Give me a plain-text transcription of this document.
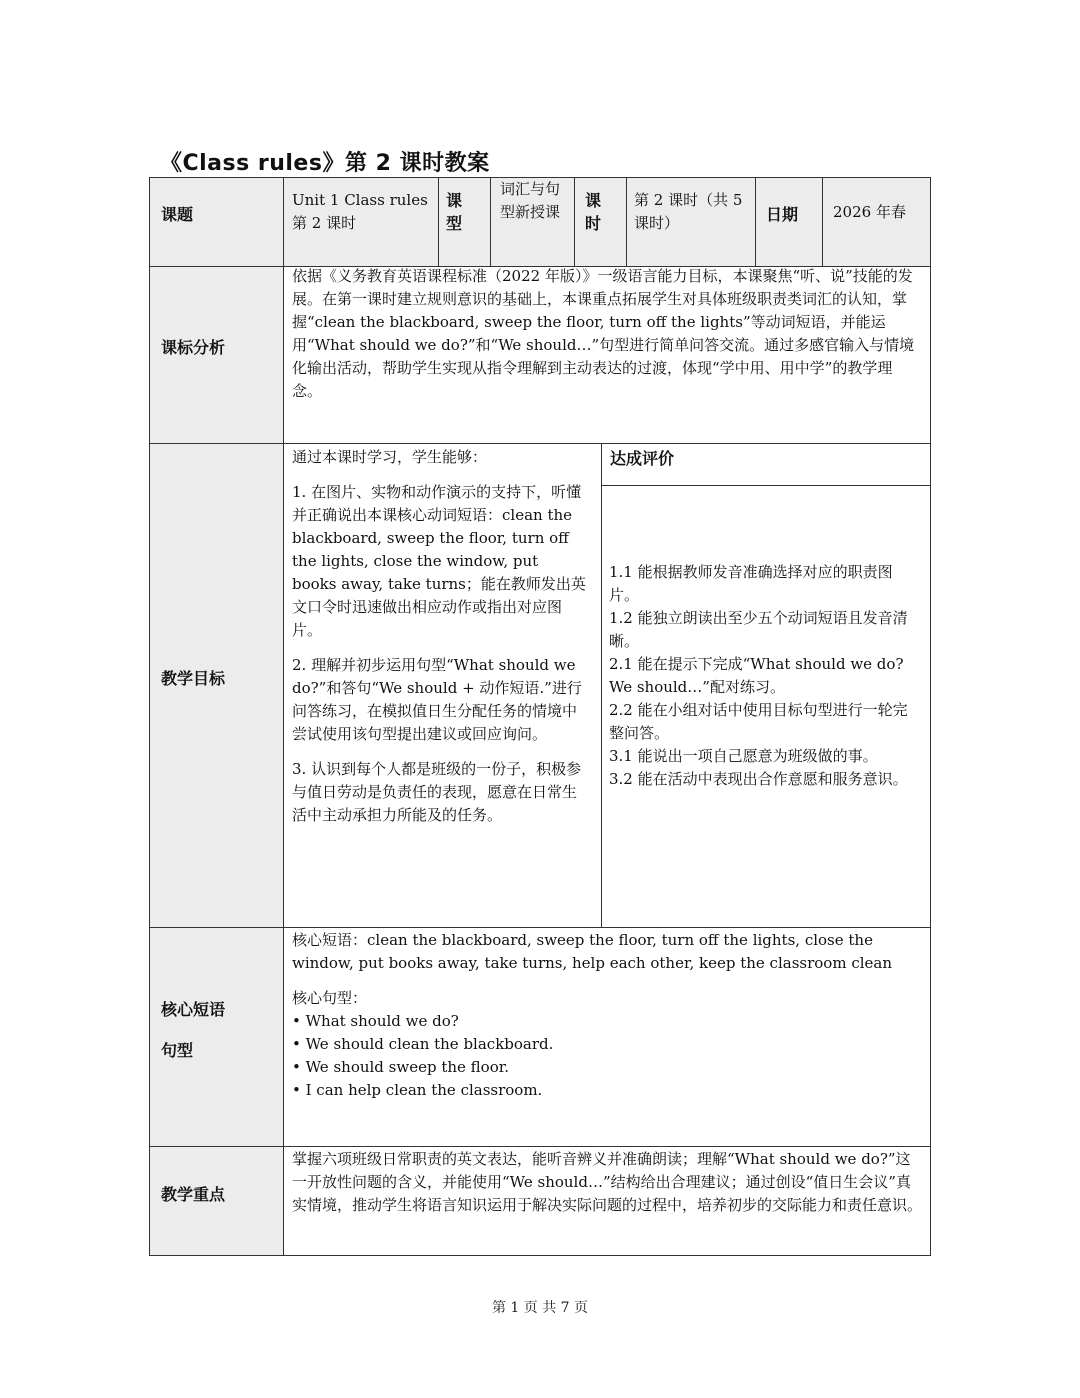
《Class rules》第 2 课时教案
课题
Unit 1 Class rules 第 2 课时
课型
词汇与句型新授课
课时
第 2 课时（共 5 课时）	日期 2026 年春
课标分析
依据《义务教育英语课程标准（2022 年版）》一级语言能力目标，本课聚焦“听、说”技能的发展。在第一课时建立规则意识的基础上，本课重点拓展学生对具体班级职责类词汇的认知，掌握“clean the blackboard, sweep the floor, turn off the lights”等动词短语，并能运用“What should we do?”和“We should…”句型进行简单问答交流。通过多感官输入与情境化输出活动，帮助学生实现从指令理解到主动表达的过渡，体现“学中用、用中学”的教学理念。
教学目标

通过本课时学习，学生能够：

1. 在图片、实物和动作演示的支持下，听懂并正确说出本课核心动词短语：clean the blackboard, sweep the floor, turn off the lights, close the window, put books away, take turns；能在教师发出英文口令时迅速做出相应动作或指出对应图片。

2. 理解并初步运用句型“What should we do?”和答句“We should + 动作短语.”进行问答练习，在模拟值日生分配任务的情境中尝试使用该句型提出建议或回应询问。

3. 认识到每个人都是班级的一份子，积极参与值日劳动是负责任的表现，愿意在日常生活中主动承担力所能及的任务。

达成评价

1.1 能根据教师发音准确选择对应的职责图片。

1.2 能独立朗读出至少五个动词短语且发音清晰。

2.1 能在提示下完成“What should we do? We should…”配对练习。

2.2 能在小组对话中使用目标句型进行一轮完整问答。

3.1 能说出一项自己愿意为班级做的事。

3.2 能在活动中表现出合作意愿和服务意识。

核心短语
句型

核心短语：clean the blackboard, sweep the floor, turn off the lights, close the window, put books away, take turns, help each other, keep the classroom clean

核心句型：

• What should we do?

• We should clean the blackboard.

• We should sweep the floor.

• I can help clean the classroom.

教学重点
掌握六项班级日常职责的英文表达，能听音辨义并准确朗读；理解“What should we do?”这一开放性问题的含义，并能使用“We should…”结构给出合理建议；通过创设“值日生会议”真实情境，推动学生将语言知识运用于解决实际问题的过程中，培养初步的交际能力和责任意识。
第 1 页 共 7 页
